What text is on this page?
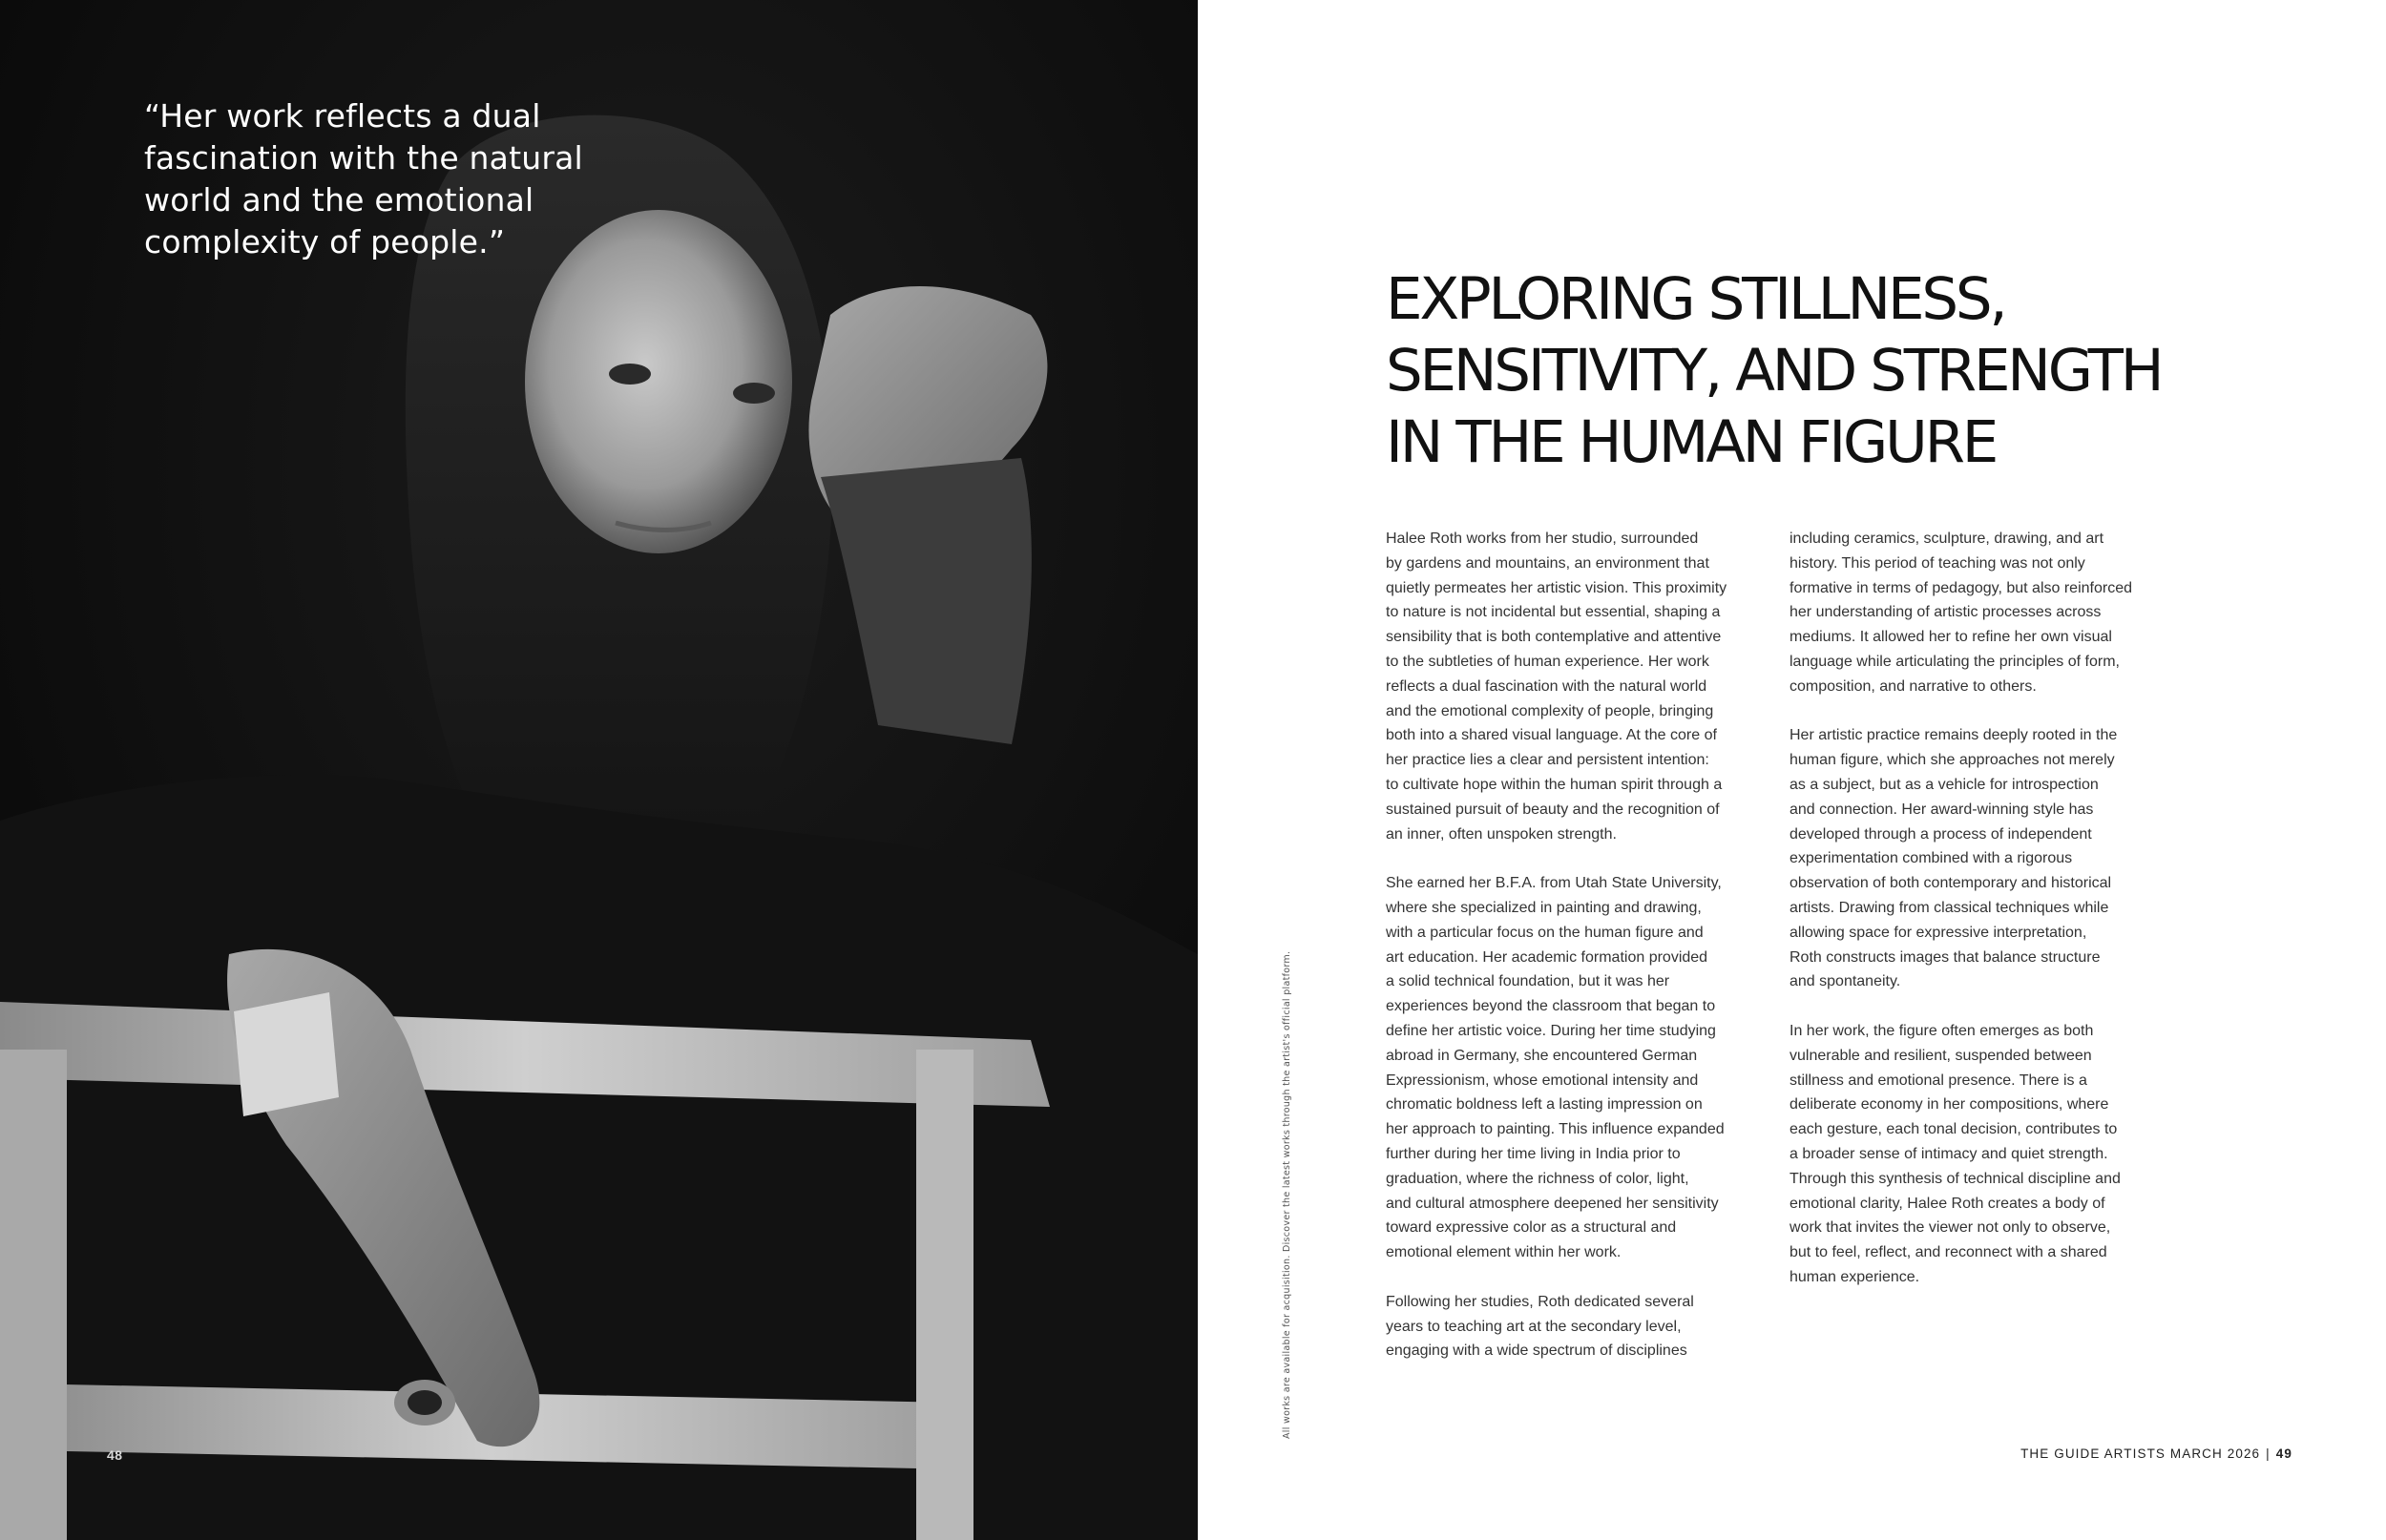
“Her work reflects a dual fascination with the natural world and the emotional complexity of people.”

48
All works are available for acquisition. Discover the latest works through the artist's official platform.
EXPLORING STILLNESS,
SENSITIVITY, AND STRENGTH
IN THE HUMAN FIGURE

Halee Roth works from her studio, surrounded
by gardens and mountains, an environment that
quietly permeates her artistic vision. This proximity
to nature is not incidental but essential, shaping a
sensibility that is both contemplative and attentive
to the subtleties of human experience. Her work
reflects a dual fascination with the natural world
and the emotional complexity of people, bringing
both into a shared visual language. At the core of
her practice lies a clear and persistent intention:
to cultivate hope within the human spirit through a
sustained pursuit of beauty and the recognition of
an inner, often unspoken strength.

She earned her B.F.A. from Utah State University,
where she specialized in painting and drawing,
with a particular focus on the human figure and
art education. Her academic formation provided
a solid technical foundation, but it was her
experiences beyond the classroom that began to
define her artistic voice. During her time studying
abroad in Germany, she encountered German
Expressionism, whose emotional intensity and
chromatic boldness left a lasting impression on
her approach to painting. This influence expanded
further during her time living in India prior to
graduation, where the richness of color, light,
and cultural atmosphere deepened her sensitivity
toward expressive color as a structural and
emotional element within her work.

Following her studies, Roth dedicated several
years to teaching art at the secondary level,
engaging with a wide spectrum of disciplines

including ceramics, sculpture, drawing, and art
history. This period of teaching was not only
formative in terms of pedagogy, but also reinforced
her understanding of artistic processes across
mediums. It allowed her to refine her own visual
language while articulating the principles of form,
composition, and narrative to others.

Her artistic practice remains deeply rooted in the
human figure, which she approaches not merely
as a subject, but as a vehicle for introspection
and connection. Her award-winning style has
developed through a process of independent
experimentation combined with a rigorous
observation of both contemporary and historical
artists. Drawing from classical techniques while
allowing space for expressive interpretation,
Roth constructs images that balance structure
and spontaneity.

In her work, the figure often emerges as both
vulnerable and resilient, suspended between
stillness and emotional presence. There is a
deliberate economy in her compositions, where
each gesture, each tonal decision, contributes to
a broader sense of intimacy and quiet strength.
Through this synthesis of technical discipline and
emotional clarity, Halee Roth creates a body of
work that invites the viewer not only to observe,
but to feel, reflect, and reconnect with a shared
human experience.

THE GUIDE ARTISTS MARCH 2026 | 49
